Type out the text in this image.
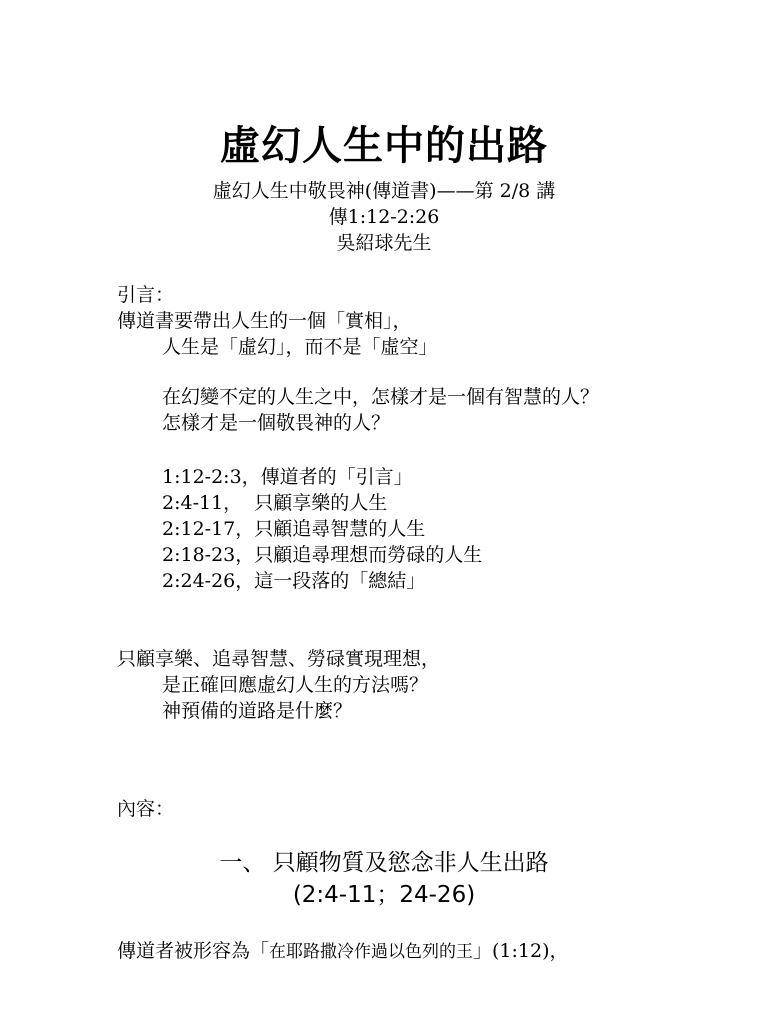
虛幻人生中的出路
虛幻人生中敬畏神(傳道書)——第 2/8 講
傳1:12-2:26
吳紹球先生
引言：
傳道書要帶出人生的一個「實相」，
人生是「虛幻」，而不是「虛空」
在幻變不定的人生之中，怎樣才是一個有智慧的人？
怎樣才是一個敬畏神的人？
1:12-2:3，傳道者的「引言」
2:4-11，  只顧享樂的人生
2:12-17，只顧追尋智慧的人生
2:18-23，只顧追尋理想而勞碌的人生
2:24-26，這一段落的「總結」
只顧享樂、追尋智慧、勞碌實現理想，
是正確回應虛幻人生的方法嗎？
神預備的道路是什麼？
內容：
一、 只顧物質及慾念非人生出路
(2:4-11；24-26)
傳道者被形容為「在耶路撒冷作過以色列的王」(1:12)，
